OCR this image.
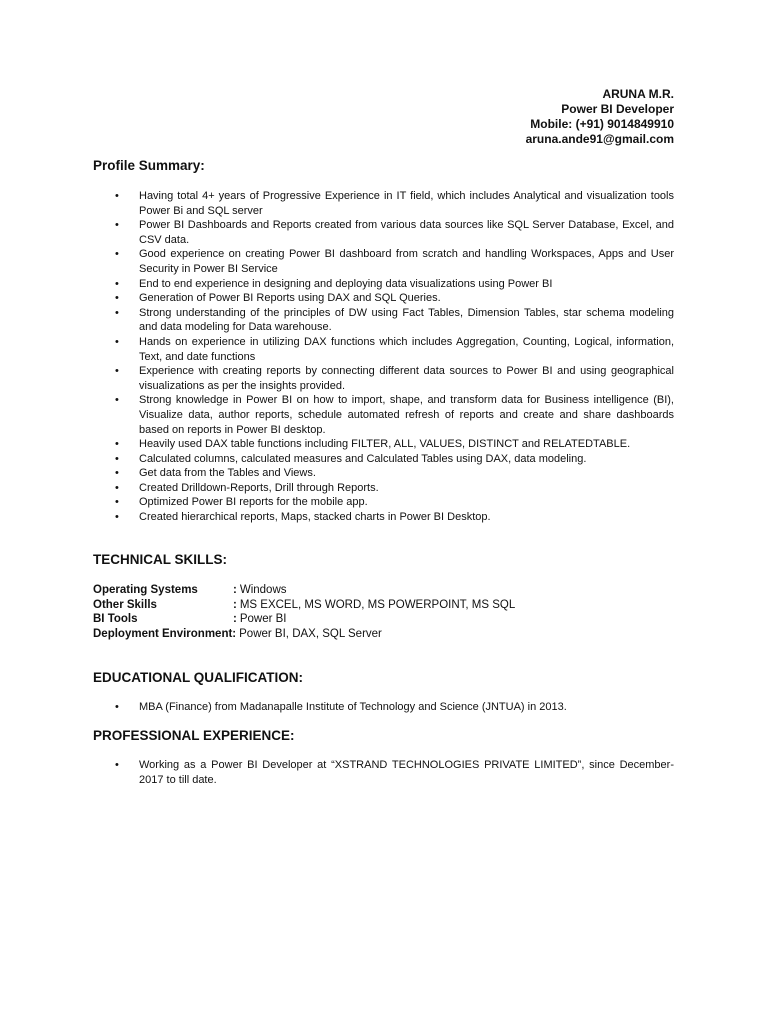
ARUNA M.R.
Power BI Developer
Mobile: (+91) 9014849910
aruna.ande91@gmail.com
Profile Summary:
• Having total 4+ years of Progressive Experience in IT field, which includes Analytical and visualization tools Power Bi and SQL server
• Power BI Dashboards and Reports created from various data sources like SQL Server Database, Excel, and CSV data.
• Good experience on creating Power BI dashboard from scratch and handling Workspaces, Apps and User Security in Power BI Service
• End to end experience in designing and deploying data visualizations using Power BI
• Generation of Power BI Reports using DAX and SQL Queries.
• Strong understanding of the principles of DW using Fact Tables, Dimension Tables, star schema modeling and data modeling for Data warehouse.
• Hands on experience in utilizing DAX functions which includes Aggregation, Counting, Logical, information, Text, and date functions
• Experience with creating reports by connecting different data sources to Power BI and using geographical visualizations as per the insights provided.
• Strong knowledge in Power BI on how to import, shape, and transform data for Business intelligence (BI), Visualize data, author reports, schedule automated refresh of reports and create and share dashboards based on reports in Power BI desktop.
• Heavily used DAX table functions including FILTER, ALL, VALUES, DISTINCT and RELATEDTABLE.
• Calculated columns, calculated measures and Calculated Tables using DAX, data modeling.
• Get data from the Tables and Views.
• Created Drilldown-Reports, Drill through Reports.
• Optimized Power BI reports for the mobile app.
• Created hierarchical reports, Maps, stacked charts in Power BI Desktop.
TECHNICAL SKILLS:
Operating Systems	: Windows
Other Skills	: MS EXCEL, MS WORD, MS POWERPOINT, MS SQL
BI Tools	: Power BI
Deployment Environment: Power BI, DAX, SQL Server
EDUCATIONAL QUALIFICATION:
• MBA (Finance) from Madanapalle Institute of Technology and Science (JNTUA) in 2013.
PROFESSIONAL EXPERIENCE:
• Working as a Power BI Developer at “XSTRAND TECHNOLOGIES PRIVATE LIMITED”, since December- 2017 to till date.
